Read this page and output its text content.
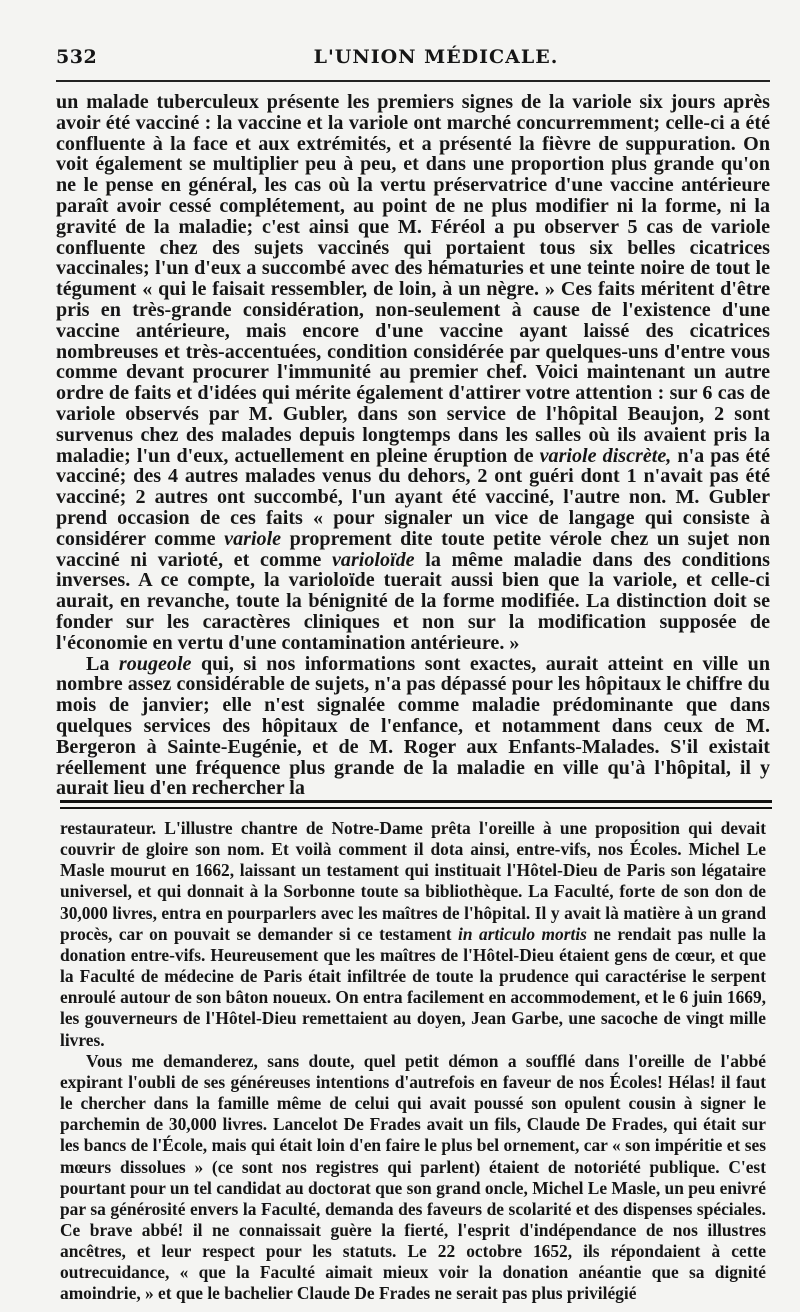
532	L'UNION MÉDICALE.

un malade tuberculeux présente les premiers signes de la variole six jours après avoir été vacciné : la vaccine et la variole ont marché concurremment; celle-ci a été confluente à la face et aux extrémités, et a présenté la fièvre de suppuration. On voit également se multiplier peu à peu, et dans une proportion plus grande qu'on ne le pense en général, les cas où la vertu préservatrice d'une vaccine antérieure paraît avoir cessé complétement, au point de ne plus modifier ni la forme, ni la gravité de la maladie; c'est ainsi que M. Féréol a pu observer 5 cas de variole confluente chez des sujets vaccinés qui portaient tous six belles cicatrices vaccinales; l'un d'eux a succombé avec des hématuries et une teinte noire de tout le tégument « qui le faisait ressembler, de loin, à un nègre. » Ces faits méritent d'être pris en très-grande considération, non-seulement à cause de l'existence d'une vaccine antérieure, mais encore d'une vaccine ayant laissé des cicatrices nombreuses et très-accentuées, condition considérée par quelques-uns d'entre vous comme devant procurer l'immunité au premier chef. Voici maintenant un autre ordre de faits et d'idées qui mérite également d'attirer votre attention : sur 6 cas de variole observés par M. Gubler, dans son service de l'hôpital Beaujon, 2 sont survenus chez des malades depuis longtemps dans les salles où ils avaient pris la maladie; l'un d'eux, actuellement en pleine éruption de variole discrète, n'a pas été vacciné; des 4 autres malades venus du dehors, 2 ont guéri dont 1 n'avait pas été vacciné; 2 autres ont succombé, l'un ayant été vacciné, l'autre non. M. Gubler prend occasion de ces faits « pour signaler un vice de langage qui consiste à considérer comme variole proprement dite toute petite vérole chez un sujet non vacciné ni varioté, et comme varioloïde la même maladie dans des conditions inverses. A ce compte, la varioloïde tuerait aussi bien que la variole, et celle-ci aurait, en revanche, toute la bénignité de la forme modifiée. La distinction doit se fonder sur les caractères cliniques et non sur la modification supposée de l'économie en vertu d'une contamination antérieure. »

La rougeole qui, si nos informations sont exactes, aurait atteint en ville un nombre assez considérable de sujets, n'a pas dépassé pour les hôpitaux le chiffre du mois de janvier; elle n'est signalée comme maladie prédominante que dans quelques services des hôpitaux de l'enfance, et notamment dans ceux de M. Bergeron à Sainte-Eugénie, et de M. Roger aux Enfants-Malades. S'il existait réellement une fréquence plus grande de la maladie en ville qu'à l'hôpital, il y aurait lieu d'en rechercher la

restaurateur. L'illustre chantre de Notre-Dame prêta l'oreille à une proposition qui devait couvrir de gloire son nom. Et voilà comment il dota ainsi, entre-vifs, nos Écoles. Michel Le Masle mourut en 1662, laissant un testament qui instituait l'Hôtel-Dieu de Paris son légataire universel, et qui donnait à la Sorbonne toute sa bibliothèque. La Faculté, forte de son don de 30,000 livres, entra en pourparlers avec les maîtres de l'hôpital. Il y avait là matière à un grand procès, car on pouvait se demander si ce testament in articulo mortis ne rendait pas nulle la donation entre-vifs. Heureusement que les maîtres de l'Hôtel-Dieu étaient gens de cœur, et que la Faculté de médecine de Paris était infiltrée de toute la prudence qui caractérise le serpent enroulé autour de son bâton noueux. On entra facilement en accommodement, et le 6 juin 1669, les gouverneurs de l'Hôtel-Dieu remettaient au doyen, Jean Garbe, une sacoche de vingt mille livres.

Vous me demanderez, sans doute, quel petit démon a soufflé dans l'oreille de l'abbé expirant l'oubli de ses généreuses intentions d'autrefois en faveur de nos Écoles! Hélas! il faut le chercher dans la famille même de celui qui avait poussé son opulent cousin à signer le parchemin de 30,000 livres. Lancelot De Frades avait un fils, Claude De Frades, qui était sur les bancs de l'École, mais qui était loin d'en faire le plus bel ornement, car « son impéritie et ses mœurs dissolues » (ce sont nos registres qui parlent) étaient de notoriété publique. C'est pourtant pour un tel candidat au doctorat que son grand oncle, Michel Le Masle, un peu enivré par sa générosité envers la Faculté, demanda des faveurs de scolarité et des dispenses spéciales. Ce brave abbé! il ne connaissait guère la fierté, l'esprit d'indépendance de nos illustres ancêtres, et leur respect pour les statuts. Le 22 octobre 1652, ils répondaient à cette outrecuidance, « que la Faculté aimait mieux voir la donation anéantie que sa dignité amoindrie, » et que le bachelier Claude De Frades ne serait pas plus privilégié
